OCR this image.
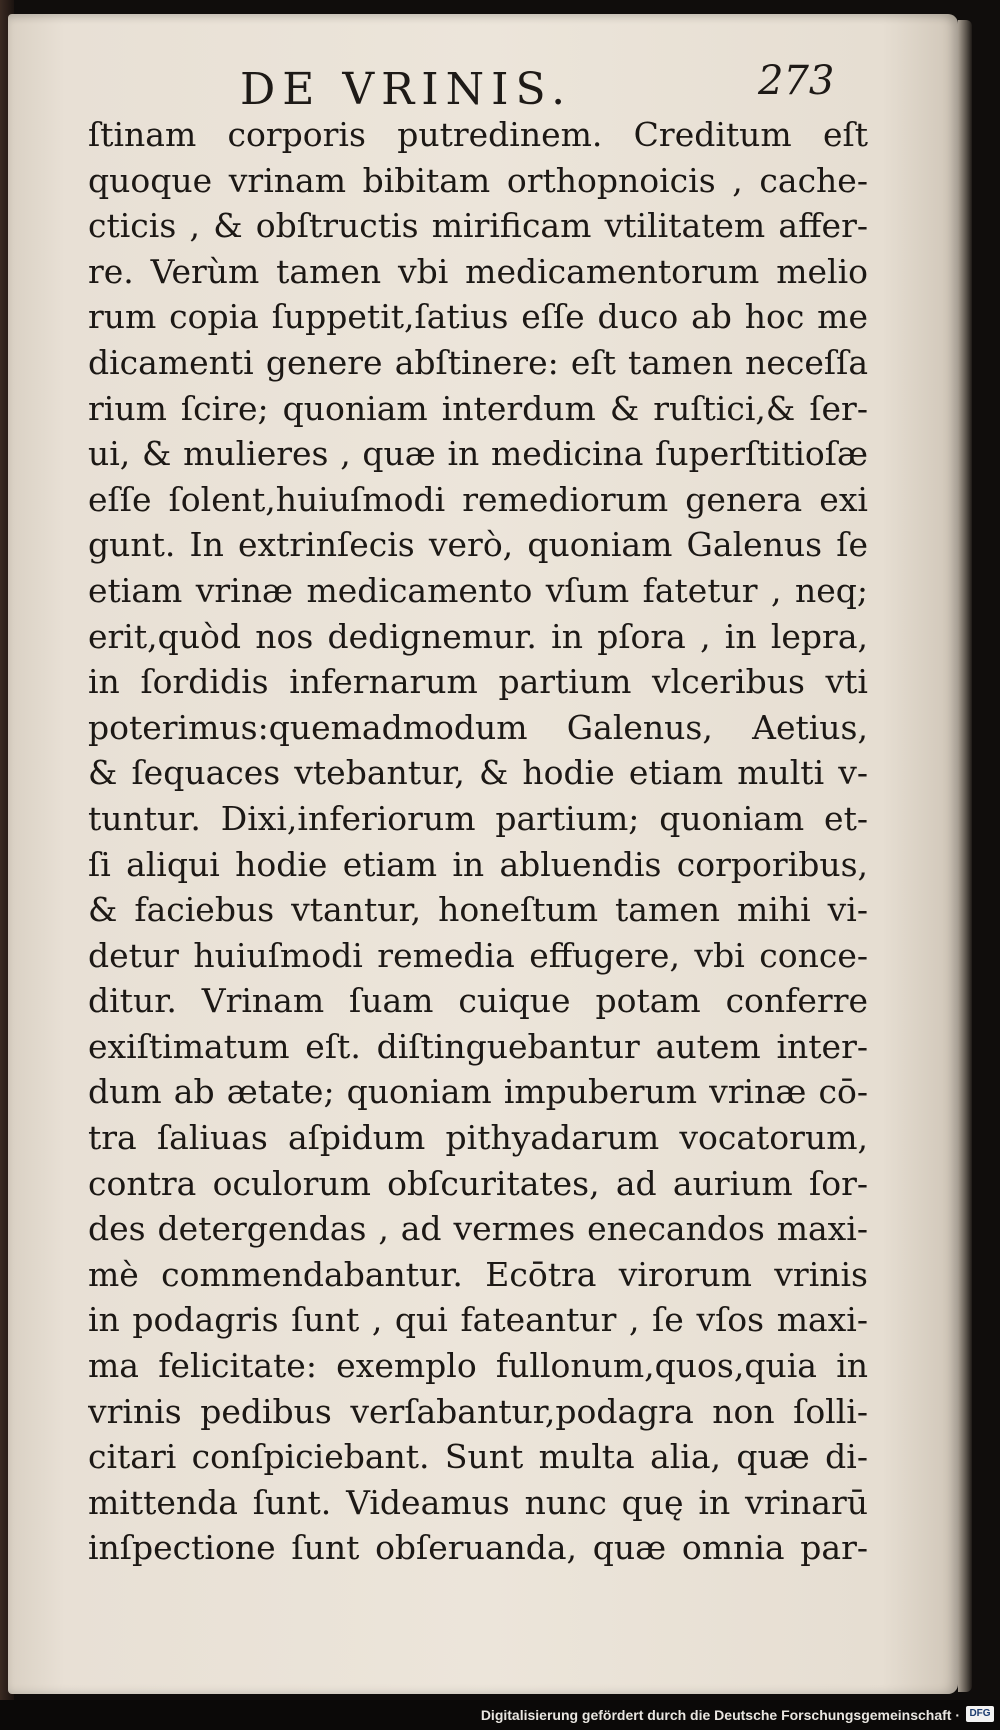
DE VRINIS.	273
ſtinam corporis putredinem. Creditum eſt
quoque vrinam bibitam orthopnoicis , cache-
cticis , & obſtructis mirificam vtilitatem affer-
re. Verùm tamen vbi medicamentorum melio
rum copia ſuppetit,ſatius eſſe duco ab hoc me
dicamenti genere abſtinere: eſt tamen neceſſa
rium ſcire; quoniam interdum & ruſtici,& ſer-
ui, & mulieres , quæ in medicina ſuperſtitioſæ
eſſe ſolent,huiuſmodi remediorum genera exi
gunt. In extrinſecis verò, quoniam Galenus ſe
etiam vrinæ medicamento vſum fatetur , neq;
erit,quòd nos dedignemur. in pſora , in lepra,
in ſordidis infernarum partium vlceribus vti
poterimus:quemadmodum Galenus, Aetius,
& ſequaces vtebantur, & hodie etiam multi v-
tuntur. Dixi,inferiorum partium; quoniam et-
ſi aliqui hodie etiam in abluendis corporibus,
& faciebus vtantur, honeſtum tamen mihi vi-
detur huiuſmodi remedia effugere, vbi conce-
ditur. Vrinam ſuam cuique potam conferre
exiſtimatum eſt. diſtinguebantur autem inter-
dum ab ætate; quoniam impuberum vrinæ cō-
tra ſaliuas aſpidum pithyadarum vocatorum,
contra oculorum obſcuritates, ad aurium ſor-
des detergendas , ad vermes enecandos maxi-
mè commendabantur. Ecōtra virorum vrinis
in podagris ſunt , qui fateantur , ſe vſos maxi-
ma felicitate: exemplo fullonum,quos,quia in
vrinis pedibus verſabantur,podagra non ſolli-
citari conſpiciebant. Sunt multa alia, quæ di-
mittenda ſunt. Videamus nunc quę in vrinarū
inſpectione ſunt obſeruanda, quæ omnia par-
Digitalisierung gefördert durch die Deutsche Forschungsgemeinschaft · DFG
